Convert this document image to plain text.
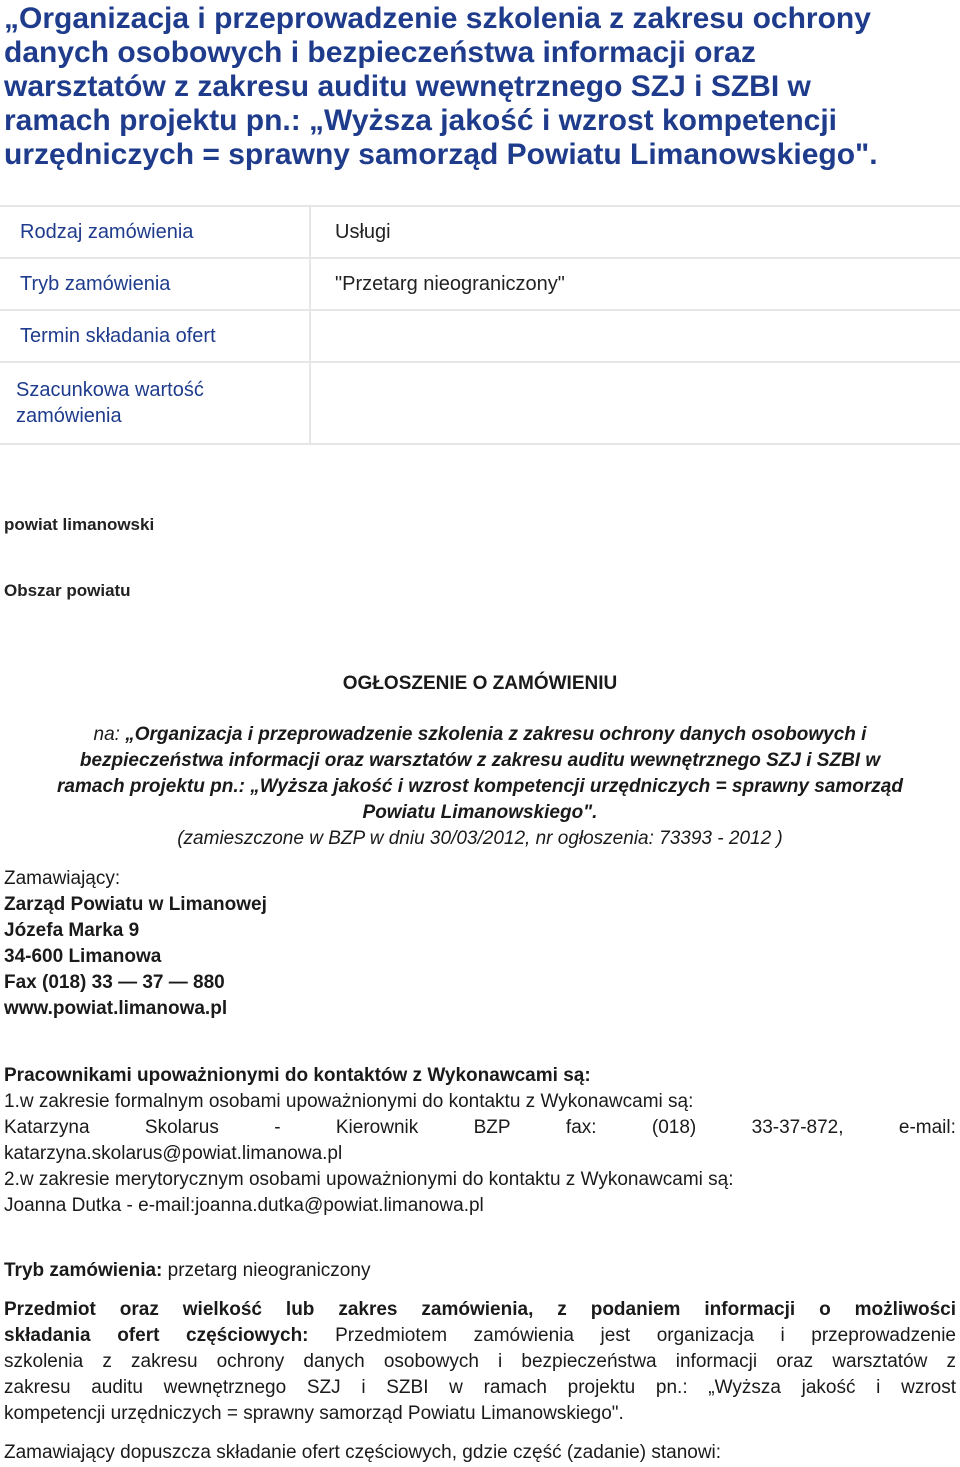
„Organizacja i przeprowadzenie szkolenia z zakresu ochrony
danych osobowych i bezpieczeństwa informacji oraz
warsztatów z zakresu auditu wewnętrznego SZJ i SZBI w
ramach projektu pn.: „Wyższa jakość i wzrost kompetencji
urzędniczych = sprawny samorząd Powiatu Limanowskiego".
Rodzaj zamówienia	Usługi
Tryb zamówienia	"Przetarg nieograniczony"
Termin składania ofert	
Szacunkowa wartość zamówienia	
powiat limanowski
Obszar powiatu
OGŁOSZENIE O ZAMÓWIENIU
na: „Organizacja i przeprowadzenie szkolenia z zakresu ochrony danych osobowych i
bezpieczeństwa informacji oraz warsztatów z zakresu auditu wewnętrznego SZJ i SZBI w
ramach projektu pn.: „Wyższa jakość i wzrost kompetencji urzędniczych = sprawny samorząd
Powiatu Limanowskiego".
(zamieszczone w BZP w dniu 30/03/2012, nr ogłoszenia: 73393 - 2012 )
Zamawiający:
Zarząd Powiatu w Limanowej
Józefa Marka 9
34-600 Limanowa
Fax (018) 33 — 37 — 880
www.powiat.limanowa.pl
Pracownikami upoważnionymi do kontaktów z Wykonawcami są:
1.w zakresie formalnym osobami upoważnionymi do kontaktu z Wykonawcami są:
Katarzyna	Skolarus	-	Kierownik	BZP	fax:	(018)	33-37-872,	e-mail:
katarzyna.skolarus@powiat.limanowa.pl
2.w zakresie merytorycznym osobami upoważnionymi do kontaktu z Wykonawcami są:
Joanna Dutka - e-mail:joanna.dutka@powiat.limanowa.pl
Tryb zamówienia: przetarg nieograniczony
Przedmiot oraz wielkość lub zakres zamówienia, z podaniem informacji o możliwości
składania ofert częściowych: Przedmiotem zamówienia jest organizacja i przeprowadzenie
szkolenia z zakresu ochrony danych osobowych i bezpieczeństwa informacji oraz warsztatów z
zakresu auditu wewnętrznego SZJ i SZBI w ramach projektu pn.: „Wyższa jakość i wzrost
kompetencji urzędniczych = sprawny samorząd Powiatu Limanowskiego".
Zamawiający dopuszcza składanie ofert częściowych, gdzie część (zadanie) stanowi:
